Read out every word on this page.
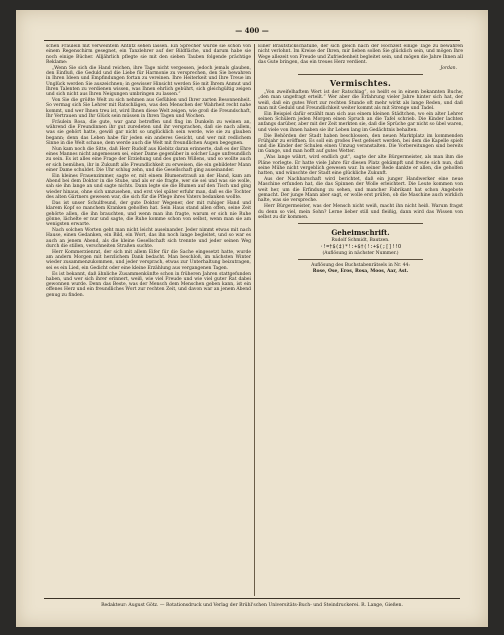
— 400 —

schen Fräulein mit verweintem Antlitz sehen lassen. Ein Sprecher würde sie schon von einem Regenschirm gesegnet, ein Tanzlehrer auf der Bildfläche, und darum habe sie noch einige Bücher. Alljährlich pflegte sie mit den sieben Tauben folgende prächtige Reklame:

„Wenn Sie sich die Hand reichen, ihre Tage nicht vergessen, jedoch jemals glauben, den Einfluß, die Geduld und die Liebe für Harmonie zu versprechen, den Sie bewahren in Ihren Ideen und Empfindungen fortan zu vereinen. Ihre Heiterkeit und Ihre Treue im Unglück werden Sie auszeichnen; in gewisser Hinsicht werden Sie mit Ihrem Anmut und Ihren Talenten zu verdienen wissen, was Ihnen ehrlich gebührt, sich gleichgültig zeigen und sich nicht aus Ihren Neigungen umbringen zu lassen.“

Von Sie die größte Welt zu sich nehmen aus Gefühlen und Ihrer zarten Besonnenheit. So vermag sich Sie Lehrer mit Ratschlägen, was den Menschen der Wahrheit recht nahe kommt, und wer Ihnen treu ist, wird Ihnen diese Welt zeigen, wie groß die Freundschaft, Ihr Vertrauen und Ihr Glück sein müssen in Ihren Tagen und Wochen.

Fräulein Rosa, die gute, war ganz betroffen und fing im Dunkeln zu weinen an, während die Freundinnen ihr gut zuredeten und ihr versprachen, daß sie nach allem, was sie gehört hatte, gewiß gar nicht so unglücklich sein werde, wie sie zu glauben begann; denn das Leben habe für jeden ein anderes Gesicht, und wer mit redlichem Sinne in die Welt schaue, dem werde auch die Welt mit freundlichen Augen begegnen.

Nun kam noch die Sitte, daß Herr Rudolf aus Kiebitz daran erinnerte, daß es der Ehre eines Mannes nicht angemessen sei, einer Dame gegenüber in solcher Lage unfreundlich zu sein. Es ist alles eine Frage der Erziehung und des guten Willens, und so wollte auch er sich bemühen, ihr in Zukunft alle Freundlichkeit zu erweisen, die ein gebildeter Mann einer Dame schuldet. Die Uhr schlug zehn, und die Gesellschaft ging auseinander.

Ein kleines Frauenzimmer, sagte er, mit einem Blumenstrauß an der Hand, kam am Abend bei dem Doktor in die Stube, und als er sie fragte, wer sie sei und was sie wolle, sah sie ihn lange an und sagte nichts. Dann legte sie die Blumen auf den Tisch und ging wieder hinaus, ohne sich umzusehen, und erst viel später erfuhr man, daß es die Tochter des alten Gärtners gewesen war, die sich für die Pflege ihres Vaters bedanken wollte.

Das ist unser Schulfreund, der gute Doktor Wegener, der mit ruhiger Hand und klarem Kopf so manchem Kranken geholfen hat. Sein Haus stand allen offen, seine Zeit gehörte allen, die ihn brauchten, und wenn man ihn fragte, warum er sich nie Ruhe gönne, lächelte er nur und sagte, die Ruhe komme schon von selbst, wenn man sie am wenigsten erwarte.

Nach solchen Worten geht man nicht leicht auseinander. Jeder nimmt etwas mit nach Hause, einen Gedanken, ein Bild, ein Wort, das ihn noch lange begleitet, und so war es auch an jenem Abend, als die kleine Gesellschaft sich trennte und jeder seinen Weg durch die stillen, verschneiten Straßen suchte.

Herr Kommerzienrat, der sich mit allem Eifer für die Sache eingesetzt hatte, wurde am andern Morgen mit herzlichem Dank bedacht. Man beschloß, im nächsten Winter wieder zusammenzukommen, und jeder versprach, etwas zur Unterhaltung beizutragen, sei es ein Lied, ein Gedicht oder eine kleine Erzählung aus vergangenen Tagen.

Es ist bekannt, daß ähnliche Zusammenkünfte schon in früheren Jahren stattgefunden haben, und wer sich ihrer erinnert, weiß, wie viel Freude und wie viel guter Rat dabei gewonnen wurde. Denn das Beste, was der Mensch dem Menschen geben kann, ist ein offenes Herz und ein freundliches Wort zur rechten Zeit, und davon war an jenem Abend genug zu finden.

Einer Brautstickschatulle, der sich gleich nach der Hochzeit einige Tage zu bewahren nicht verlohnt. Im Kreise der Ihren, mir lieben sollen Sie glücklich sein, und mögen Ihre Wege allezeit von Freude und Zufriedenheit begleitet sein, und mögen die Jahre Ihnen all das Gute bringen, das ein treues Herz verdient.

Jordan.

Vermischtes.

„Von zweifelhaftem Wert ist der Ratschlag“, so heißt es in einem bekannten Buche, „den man ungefragt erteilt.“ Wer aber die Erfahrung vieler Jahre hinter sich hat, der weiß, daß ein gutes Wort zur rechten Stunde oft mehr wirkt als lange Reden, und daß man mit Geduld und Freundlichkeit weiter kommt als mit Strenge und Tadel.

Ein Beispiel dafür erzählt man sich aus einem kleinen Städtchen, wo ein alter Lehrer seinen Schülern jeden Morgen einen Spruch an die Tafel schrieb. Die Kinder lachten anfangs darüber, aber mit der Zeit merkten sie, daß die Sprüche gar nicht so übel waren, und viele von ihnen haben sie ihr Leben lang im Gedächtnis behalten.

Die Behörden der Stadt haben beschlossen, den neuen Marktplatz im kommenden Frühjahr zu eröffnen. Es soll ein großes Fest gefeiert werden, bei dem die Kapelle spielt und die Kinder der Schulen einen Umzug veranstalten. Die Vorbereitungen sind bereits im Gange, und man hofft auf gutes Wetter.

„Was lange währt, wird endlich gut“, sagte der alte Bürgermeister, als man ihm die Pläne vorlegte. Er hatte viele Jahre für diesen Platz gekämpft und freute sich nun, daß seine Mühe nicht vergeblich gewesen war. In seiner Rede dankte er allen, die geholfen hatten, und wünschte der Stadt eine glückliche Zukunft.

Aus der Nachbarschaft wird berichtet, daß ein junger Handwerker eine neue Maschine erfunden hat, die das Spinnen der Wolle erleichtert. Die Leute kommen von weit her, um die Erfindung zu sehen, und mancher Fabrikant hat schon Angebote gemacht. Der junge Mann aber sagt, er wolle erst prüfen, ob die Maschine auch wirklich halte, was sie verspreche.

Herr Bürgermeister, was der Mensch nicht weiß, macht ihn nicht heiß. Warum fragst du denn so viel, mein Sohn? Lerne lieber still und fleißig, dann wird das Wissen von selbst zu dir kommen.

Geheimschrift.

Rudolf Schmidt, Bautzen.

·!=†$(‡)*!:+$†(!:+$(;[]!!O

(Auflösung in nächster Nummer.)

Auflösung des Buchstabenrätsels in Nr. 44:

Rose, Ose, Eros, Rosa, Moos, Aar, Ast.

Redakteur: August Götz. — Rotationsdruck und Verlag der Brühl'schen Universitäts-Buch- und Steindruckerei. R. Lange, Gießen.
